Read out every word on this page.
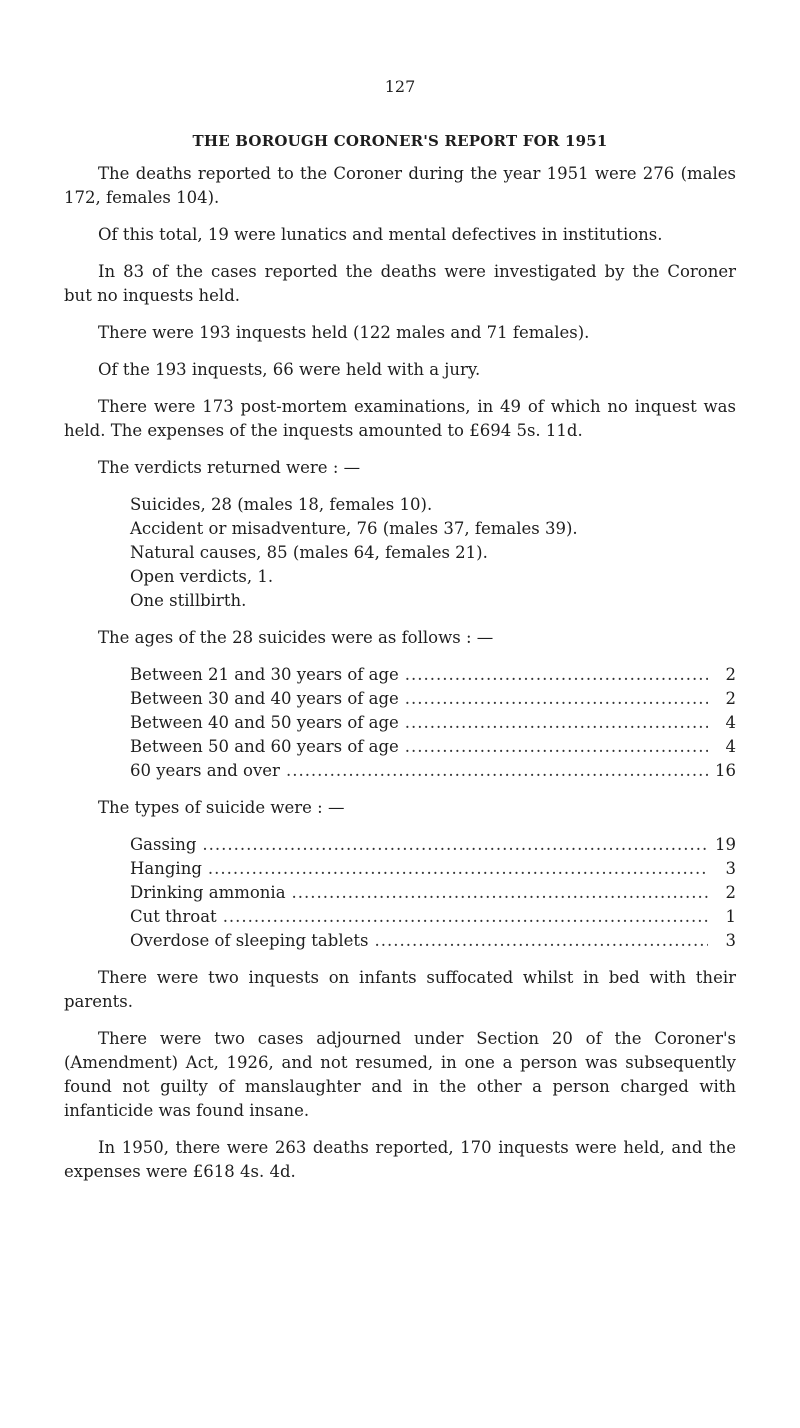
127
THE BOROUGH CORONER'S REPORT FOR 1951

The deaths reported to the Coroner during the year 1951 were 276 (males 172, females 104).

Of this total, 19 were lunatics and mental defectives in institutions.

In 83 of the cases reported the deaths were investigated by the Coroner but no inquests held.

There were 193 inquests held (122 males and 71 females).

Of the 193 inquests, 66 were held with a jury.

There were 173 post-mortem examinations, in 49 of which no inquest was held. The expenses of the inquests amounted to £694 5s. 11d.

The verdicts returned were : —

Suicides, 28 (males 18, females 10).
Accident or misadventure, 76 (males 37, females 39).
Natural causes, 85 (males 64, females 21).
Open verdicts, 1.
One stillbirth.

The ages of the 28 suicides were as follows : —

Between 21 and 30 years of age .....	2
Between 30 and 40 years of age .....	2
Between 40 and 50 years of age .....	4
Between 50 and 60 years of age .....	4
60 years and over .....	16

The types of suicide were : —

Gassing .....	19
Hanging .....	3
Drinking ammonia .....	2
Cut throat .....	1
Overdose of sleeping tablets .....	3

There were two inquests on infants suffocated whilst in bed with their parents.

There were two cases adjourned under Section 20 of the Coroner's (Amendment) Act, 1926, and not resumed, in one a person was subsequently found not guilty of manslaughter and in the other a person charged with infanticide was found insane.

In 1950, there were 263 deaths reported, 170 inquests were held, and the expenses were £618 4s. 4d.
